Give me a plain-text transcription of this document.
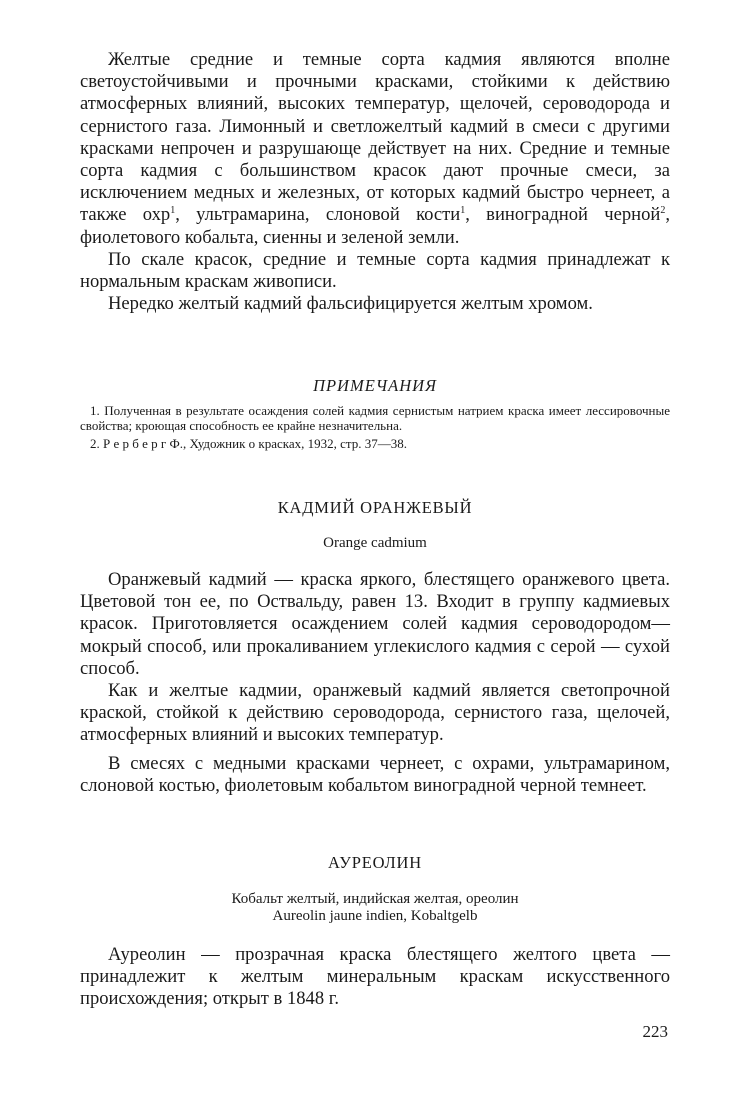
Желтые средние и темные сорта кадмия являются вполне светоустойчивыми и прочными красками, стойкими к действию атмосферных влияний, высоких температур, щелочей, сероводорода и сернистого газа. Лимонный и светложелтый кадмий в смеси с другими красками непрочен и разрушающе действует на них. Средние и темные сорта кадмия с большинством красок дают прочные смеси, за исключением медных и железных, от которых кадмий быстро чернеет, а также охр$^1$, ультрамарина, слоновой кости$^1$, виноградной черной$^2$, фиолетового кобальта, сиенны и зеленой земли.

По скале красок, средние и темные сорта кадмия принадлежат к нормальным краскам живописи.

Нередко желтый кадмий фальсифицируется желтым хромом.

ПРИМЕЧАНИЯ

1. Полученная в результате осаждения солей кадмия сернистым натрием краска имеет лессировочные свойства; кроющая способность ее крайне незначительна.

2. Р е р б е р г Ф., Художник о красках, 1932, стр. 37—38.

КАДМИЙ ОРАНЖЕВЫЙ

Orange cadmium

Оранжевый кадмий — краска яркого, блестящего оранжевого цвета. Цветовой тон ее, по Оствальду, равен 13. Входит в группу кадмиевых красок. Приготовляется осаждением солей кадмия сероводородом—мокрый способ, или прокаливанием углекислого кадмия с серой — сухой способ.

Как и желтые кадмии, оранжевый кадмий является светопрочной краской, стойкой к действию сероводорода, сернистого газа, щелочей, атмосферных влияний и высоких температур.

В смесях с медными красками чернеет, с охрами, ультрамарином, слоновой костью, фиолетовым кобальтом виноградной черной темнеет.

АУРЕОЛИН

Кобальт желтый, индийская желтая, ореолин

Aureolin jaune indien, Kobaltgelb

Ауреолин — прозрачная краска блестящего желтого цвета — принадлежит к желтым минеральным краскам искусственного происхождения; открыт в 1848 г.

223
